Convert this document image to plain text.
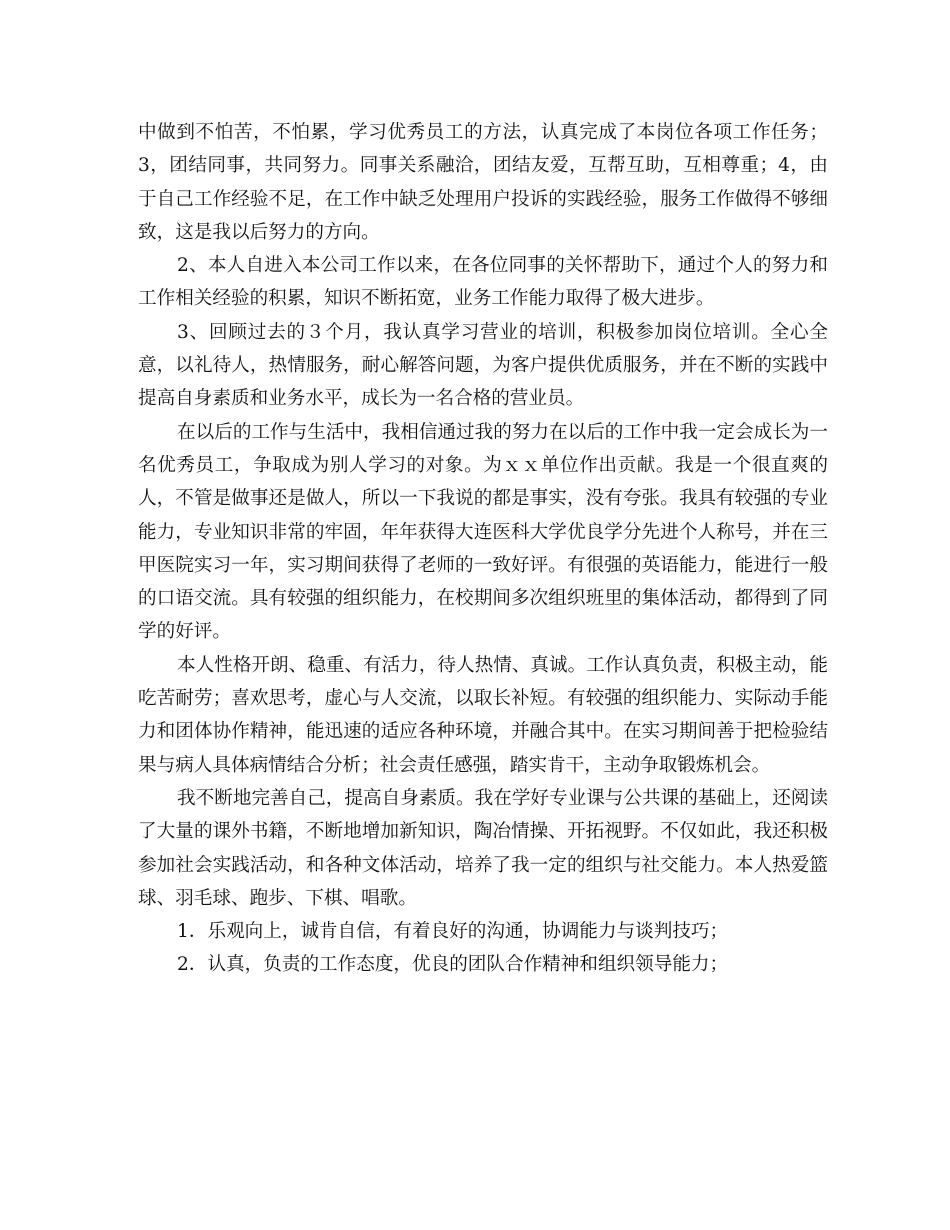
中做到不怕苦，不怕累，学习优秀员工的方法，认真完成了本岗位各项工作任务；3，团结同事，共同努力。同事关系融洽，团结友爱，互帮互助，互相尊重；4，由于自己工作经验不足，在工作中缺乏处理用户投诉的实践经验，服务工作做得不够细致，这是我以后努力的方向。

2、本人自进入本公司工作以来，在各位同事的关怀帮助下，通过个人的努力和工作相关经验的积累，知识不断拓宽，业务工作能力取得了极大进步。

3、回顾过去的３个月，我认真学习营业的培训，积极参加岗位培训。全心全意，以礼待人，热情服务，耐心解答问题，为客户提供优质服务，并在不断的实践中提高自身素质和业务水平，成长为一名合格的营业员。

在以后的工作与生活中，我相信通过我的努力在以后的工作中我一定会成长为一名优秀员工，争取成为别人学习的对象。为ｘｘ单位作出贡献。我是一个很直爽的人，不管是做事还是做人，所以一下我说的都是事实，没有夸张。我具有较强的专业能力，专业知识非常的牢固，年年获得大连医科大学优良学分先进个人称号，并在三甲医院实习一年，实习期间获得了老师的一致好评。有很强的英语能力，能进行一般的口语交流。具有较强的组织能力，在校期间多次组织班里的集体活动，都得到了同学的好评。

本人性格开朗、稳重、有活力，待人热情、真诚。工作认真负责，积极主动，能吃苦耐劳；喜欢思考，虚心与人交流，以取长补短。有较强的组织能力、实际动手能力和团体协作精神，能迅速的适应各种环境，并融合其中。在实习期间善于把检验结果与病人具体病情结合分析；社会责任感强，踏实肯干，主动争取锻炼机会。

我不断地完善自己，提高自身素质。我在学好专业课与公共课的基础上，还阅读了大量的课外书籍，不断地增加新知识，陶冶情操、开拓视野。不仅如此，我还积极参加社会实践活动，和各种文体活动，培养了我一定的组织与社交能力。本人热爱篮球、羽毛球、跑步、下棋、唱歌。

1．乐观向上，诚肯自信，有着良好的沟通，协调能力与谈判技巧；

2．认真，负责的工作态度，优良的团队合作精神和组织领导能力；
